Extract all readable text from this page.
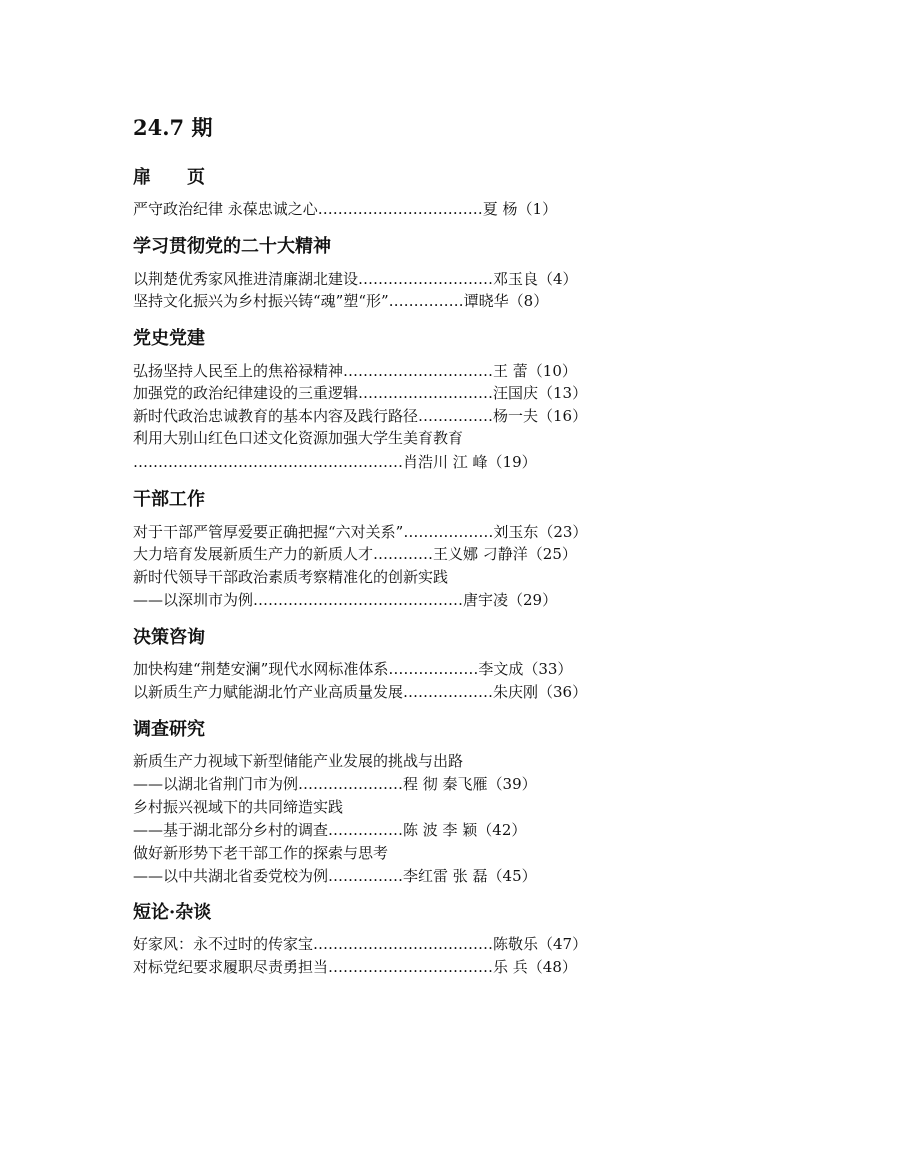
24.7 期
扉　　页
严守政治纪律 永葆忠诚之心……………………………夏 杨（1）
学习贯彻党的二十大精神
以荆楚优秀家风推进清廉湖北建设………………………邓玉良（4）
坚持文化振兴为乡村振兴铸“魂”塑“形”……………谭晓华（8）
党史党建
弘扬坚持人民至上的焦裕禄精神…………………………王 蕾（10）
加强党的政治纪律建设的三重逻辑………………………汪国庆（13）
新时代政治忠诚教育的基本内容及践行路径……………杨一夫（16）
利用大别山红色口述文化资源加强大学生美育教育
………………………………………………肖浩川 江 峰（19）
干部工作
对于干部严管厚爱要正确把握“六对关系”………………刘玉东（23）
大力培育发展新质生产力的新质人才…………王义娜 刁静洋（25）
新时代领导干部政治素质考察精准化的创新实践
——以深圳市为例……………………………………唐宇凌（29）
决策咨询
加快构建“荆楚安澜”现代水网标准体系………………李文成（33）
以新质生产力赋能湖北竹产业高质量发展………………朱庆刚（36）
调查研究
新质生产力视域下新型储能产业发展的挑战与出路
——以湖北省荆门市为例…………………程 彻 秦飞雁（39）
乡村振兴视域下的共同缔造实践
——基于湖北部分乡村的调查……………陈 波 李 颖（42）
做好新形势下老干部工作的探索与思考
——以中共湖北省委党校为例……………李红雷 张 磊（45）
短论·杂谈
好家风：永不过时的传家宝………………………………陈敬乐（47）
对标党纪要求履职尽责勇担当……………………………乐 兵（48）
